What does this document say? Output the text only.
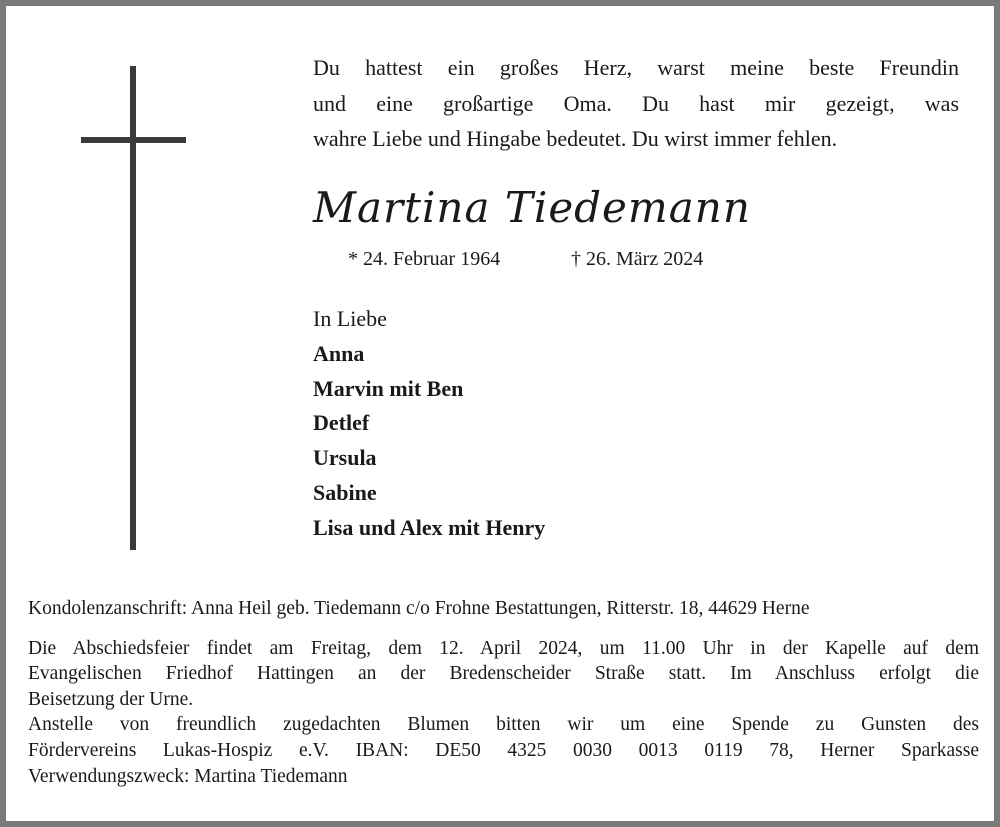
Du hattest ein großes Herz, warst meine beste Freundin
und eine großartige Oma. Du hast mir gezeigt, was
wahre Liebe und Hingabe bedeutet. Du wirst immer fehlen.
Martina Tiedemann
* 24. Februar 1964	† 26. März 2024
In Liebe
Anna
Marvin mit Ben
Detlef
Ursula
Sabine
Lisa und Alex mit Henry
Kondolenzanschrift: Anna Heil geb. Tiedemann c/o Frohne Bestattungen, Ritterstr. 18, 44629 Herne
Die Abschiedsfeier findet am Freitag, dem 12. April 2024, um 11.00 Uhr in der Kapelle auf dem
Evangelischen Friedhof Hattingen an der Bredenscheider Straße statt. Im Anschluss erfolgt die
Beisetzung der Urne.
Anstelle von freundlich zugedachten Blumen bitten wir um eine Spende zu Gunsten des
Fördervereins Lukas-Hospiz e.V. IBAN: DE50 4325 0030 0013 0119 78, Herner Sparkasse
Verwendungszweck: Martina Tiedemann
